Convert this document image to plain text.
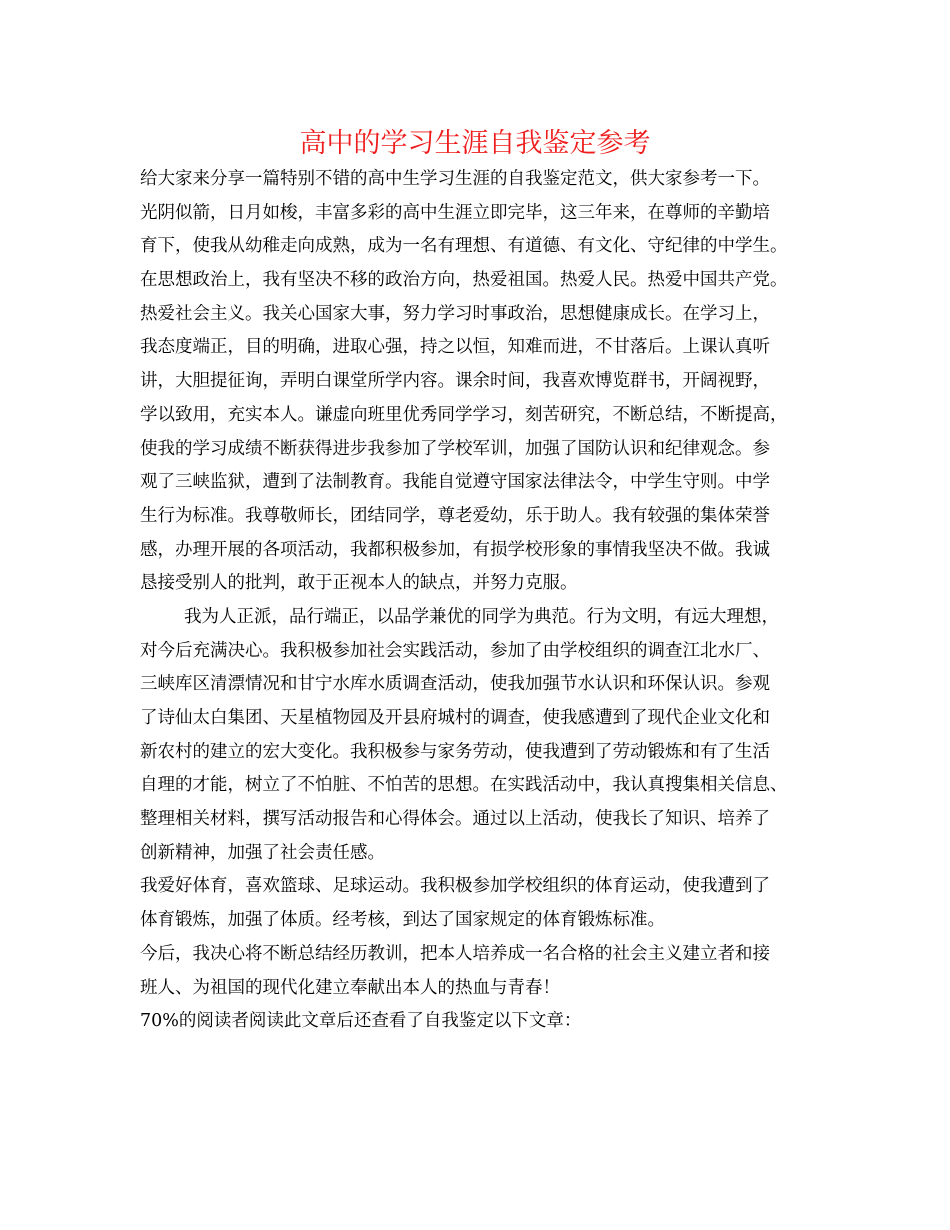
高中的学习生涯自我鉴定参考
给大家来分享一篇特别不错的高中生学习生涯的自我鉴定范文，供大家参考一下。
光阴似箭，日月如梭，丰富多彩的高中生涯立即完毕，这三年来，在尊师的辛勤培
育下，使我从幼稚走向成熟，成为一名有理想、有道德、有文化、守纪律的中学生。
在思想政治上，我有坚决不移的政治方向，热爱祖国。热爱人民。热爱中国共产党。
热爱社会主义。我关心国家大事，努力学习时事政治，思想健康成长。在学习上，
我态度端正，目的明确，进取心强，持之以恒，知难而进，不甘落后。上课认真听
讲，大胆提征询，弄明白课堂所学内容。课余时间，我喜欢博览群书，开阔视野，
学以致用，充实本人。谦虚向班里优秀同学学习，刻苦研究，不断总结，不断提高，
使我的学习成绩不断获得进步我参加了学校军训，加强了国防认识和纪律观念。参
观了三峡监狱，遭到了法制教育。我能自觉遵守国家法律法令，中学生守则。中学
生行为标准。我尊敬师长，团结同学，尊老爱幼，乐于助人。我有较强的集体荣誉
感，办理开展的各项活动，我都积极参加，有损学校形象的事情我坚决不做。我诚
恳接受别人的批判，敢于正视本人的缺点，并努力克服。
我为人正派，品行端正，以品学兼优的同学为典范。行为文明，有远大理想，
对今后充满决心。我积极参加社会实践活动，参加了由学校组织的调查江北水厂、
三峡库区清漂情况和甘宁水库水质调查活动，使我加强节水认识和环保认识。参观
了诗仙太白集团、天星植物园及开县府城村的调查，使我感遭到了现代企业文化和
新农村的建立的宏大变化。我积极参与家务劳动，使我遭到了劳动锻炼和有了生活
自理的才能，树立了不怕脏、不怕苦的思想。在实践活动中，我认真搜集相关信息、
整理相关材料，撰写活动报告和心得体会。通过以上活动，使我长了知识、培养了
创新精神，加强了社会责任感。
我爱好体育，喜欢篮球、足球运动。我积极参加学校组织的体育运动，使我遭到了
体育锻炼，加强了体质。经考核，到达了国家规定的体育锻炼标准。
今后，我决心将不断总结经历教训，把本人培养成一名合格的社会主义建立者和接
班人、为祖国的现代化建立奉献出本人的热血与青春！
70%的阅读者阅读此文章后还查看了自我鉴定以下文章：
